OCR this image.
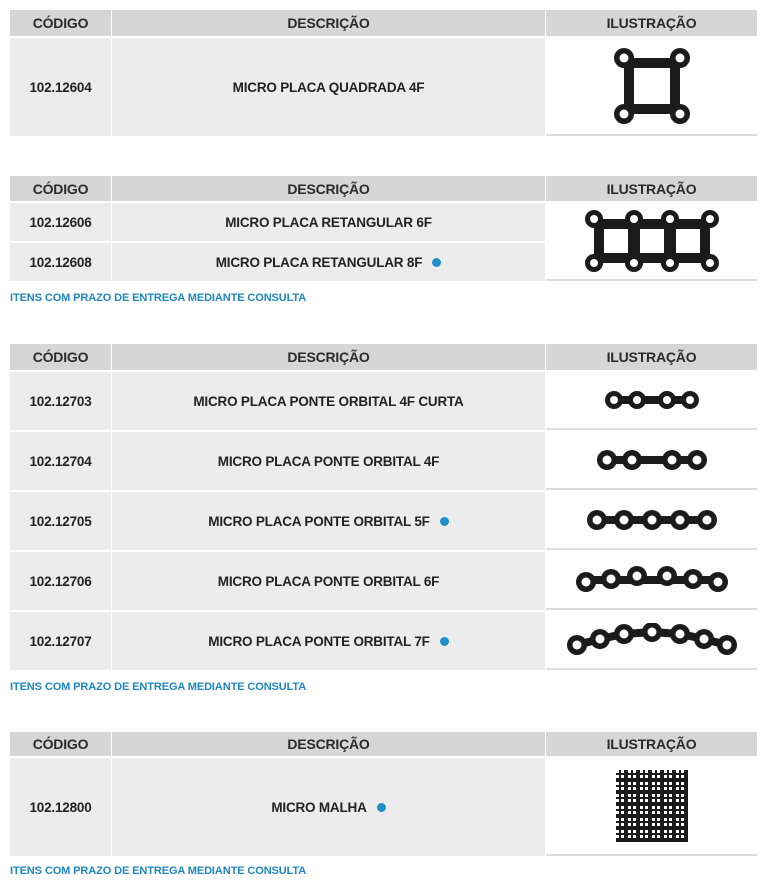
CÓDIGO	DESCRIÇÃO	ILUSTRAÇÃO
102.12604	MICRO PLACA QUADRADA 4F
CÓDIGO	DESCRIÇÃO	ILUSTRAÇÃO
102.12606	MICRO PLACA RETANGULAR 6F
102.12608	MICRO PLACA RETANGULAR 8F
ITENS COM PRAZO DE ENTREGA MEDIANTE CONSULTA
CÓDIGO	DESCRIÇÃO	ILUSTRAÇÃO
102.12703	MICRO PLACA PONTE ORBITAL 4F CURTA
102.12704	MICRO PLACA PONTE ORBITAL 4F
102.12705	MICRO PLACA PONTE ORBITAL 5F
102.12706	MICRO PLACA PONTE ORBITAL 6F
102.12707	MICRO PLACA PONTE ORBITAL 7F
ITENS COM PRAZO DE ENTREGA MEDIANTE CONSULTA
CÓDIGO	DESCRIÇÃO	ILUSTRAÇÃO
102.12800	MICRO MALHA
ITENS COM PRAZO DE ENTREGA MEDIANTE CONSULTA
